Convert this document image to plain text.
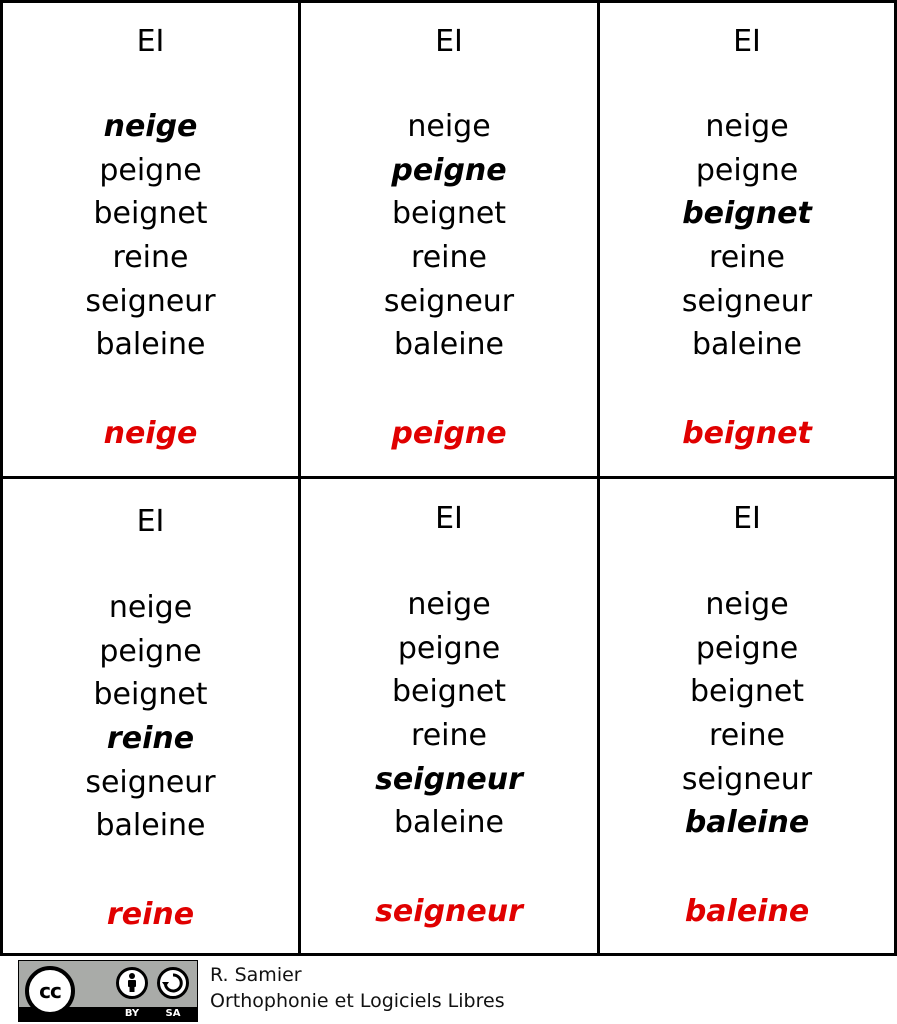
EI
neige
peigne
beignet
reine
seigneur
baleine
neige
EI
neige
peigne
beignet
reine
seigneur
baleine
peigne
EI
neige
peigne
beignet
reine
seigneur
baleine
beignet
EI
neige
peigne
beignet
reine
seigneur
baleine
reine
EI
neige
peigne
beignet
reine
seigneur
baleine
seigneur
EI
neige
peigne
beignet
reine
seigneur
baleine
baleine
cc
BY	SA
R. Samier
Orthophonie et Logiciels Libres
